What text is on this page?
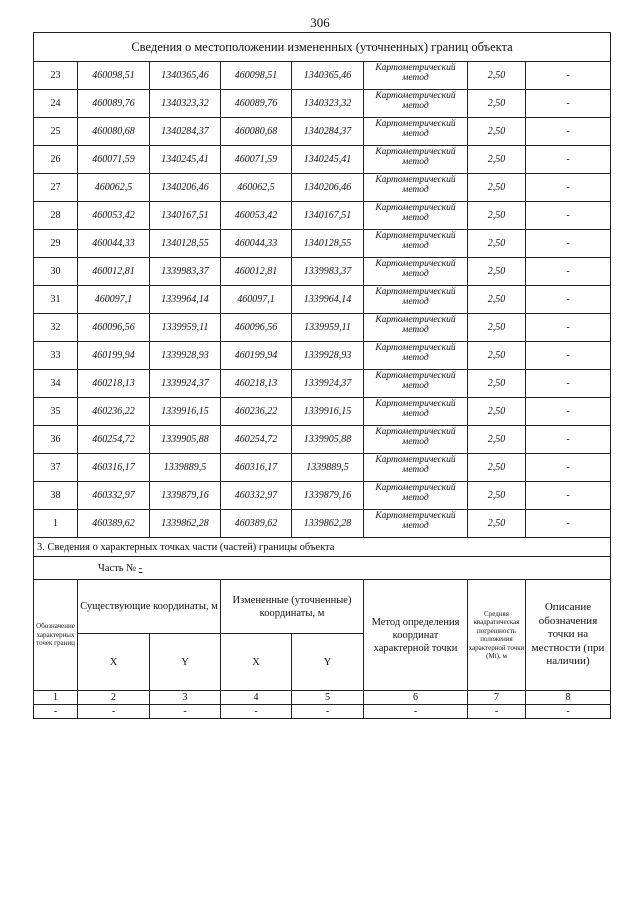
306
Сведения о местоположении измененных (уточненных) границ объекта							
23	460098,51	1340365,46	460098,51	1340365,46	Картометрический метод	2,50	-
24	460089,76	1340323,32	460089,76	1340323,32	Картометрический метод	2,50	-
25	460080,68	1340284,37	460080,68	1340284,37	Картометрический метод	2,50	-
26	460071,59	1340245,41	460071,59	1340245,41	Картометрический метод	2,50	-
27	460062,5	1340206,46	460062,5	1340206,46	Картометрический метод	2,50	-
28	460053,42	1340167,51	460053,42	1340167,51	Картометрический метод	2,50	-
29	460044,33	1340128,55	460044,33	1340128,55	Картометрический метод	2,50	-
30	460012,81	1339983,37	460012,81	1339983,37	Картометрический метод	2,50	-
31	460097,1	1339964,14	460097,1	1339964,14	Картометрический метод	2,50	-
32	460096,56	1339959,11	460096,56	1339959,11	Картометрический метод	2,50	-
33	460199,94	1339928,93	460199,94	1339928,93	Картометрический метод	2,50	-
34	460218,13	1339924,37	460218,13	1339924,37	Картометрический метод	2,50	-
35	460236,22	1339916,15	460236,22	1339916,15	Картометрический метод	2,50	-
36	460254,72	1339905,88	460254,72	1339905,88	Картометрический метод	2,50	-
37	460316,17	1339889,5	460316,17	1339889,5	Картометрический метод	2,50	-
38	460332,97	1339879,16	460332,97	1339879,16	Картометрический метод	2,50	-
1	460389,62	1339862,28	460389,62	1339862,28	Картометрический метод	2,50	-
3. Сведения о характерных точках части (частей) границы объекта							
Часть № -							
Обозначение характерных точек границ	Существующие координаты, м		Измененные (уточненные) координаты, м		Метод определения координат характерной точки	Средняя квадратическая погрешность положения характерной точки (Mt), м	Описание обозначения точки на местности (при наличии)
	X	Y	X	Y			
1	2	3	4	5	6	7	8
-	-	-	-	-	-	-	-
